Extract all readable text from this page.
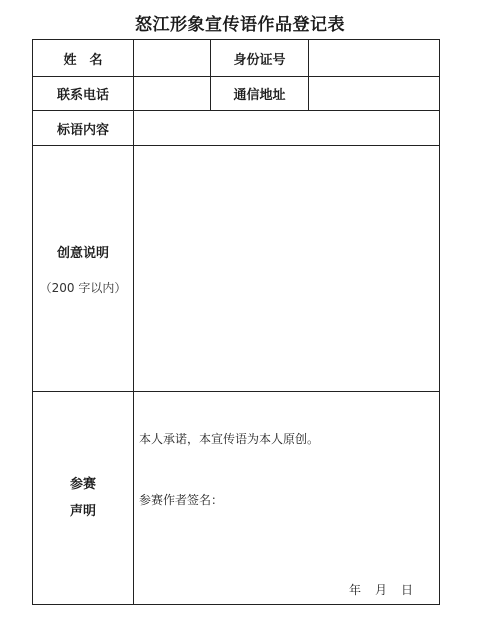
怒江形象宣传语作品登记表
姓　名	身份证号
联系电话	通信地址
标语内容
创意说明
（200 字以内）
参赛
声明
本人承诺，本宣传语为本人原创。
参赛作者签名：
年 月 日
